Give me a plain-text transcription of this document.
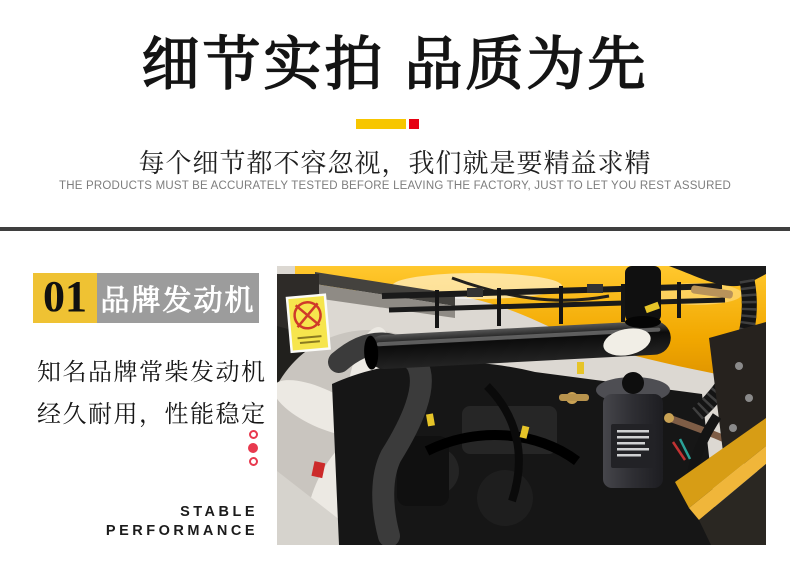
细节实拍 品质为先
每个细节都不容忽视，我们就是要精益求精
THE PRODUCTS MUST BE ACCURATELY TESTED BEFORE LEAVING THE FACTORY, JUST TO LET YOU REST ASSURED
01 品牌发动机
知名品牌常柴发动机
经久耐用，性能稳定
STABLE
PERFORMANCE
